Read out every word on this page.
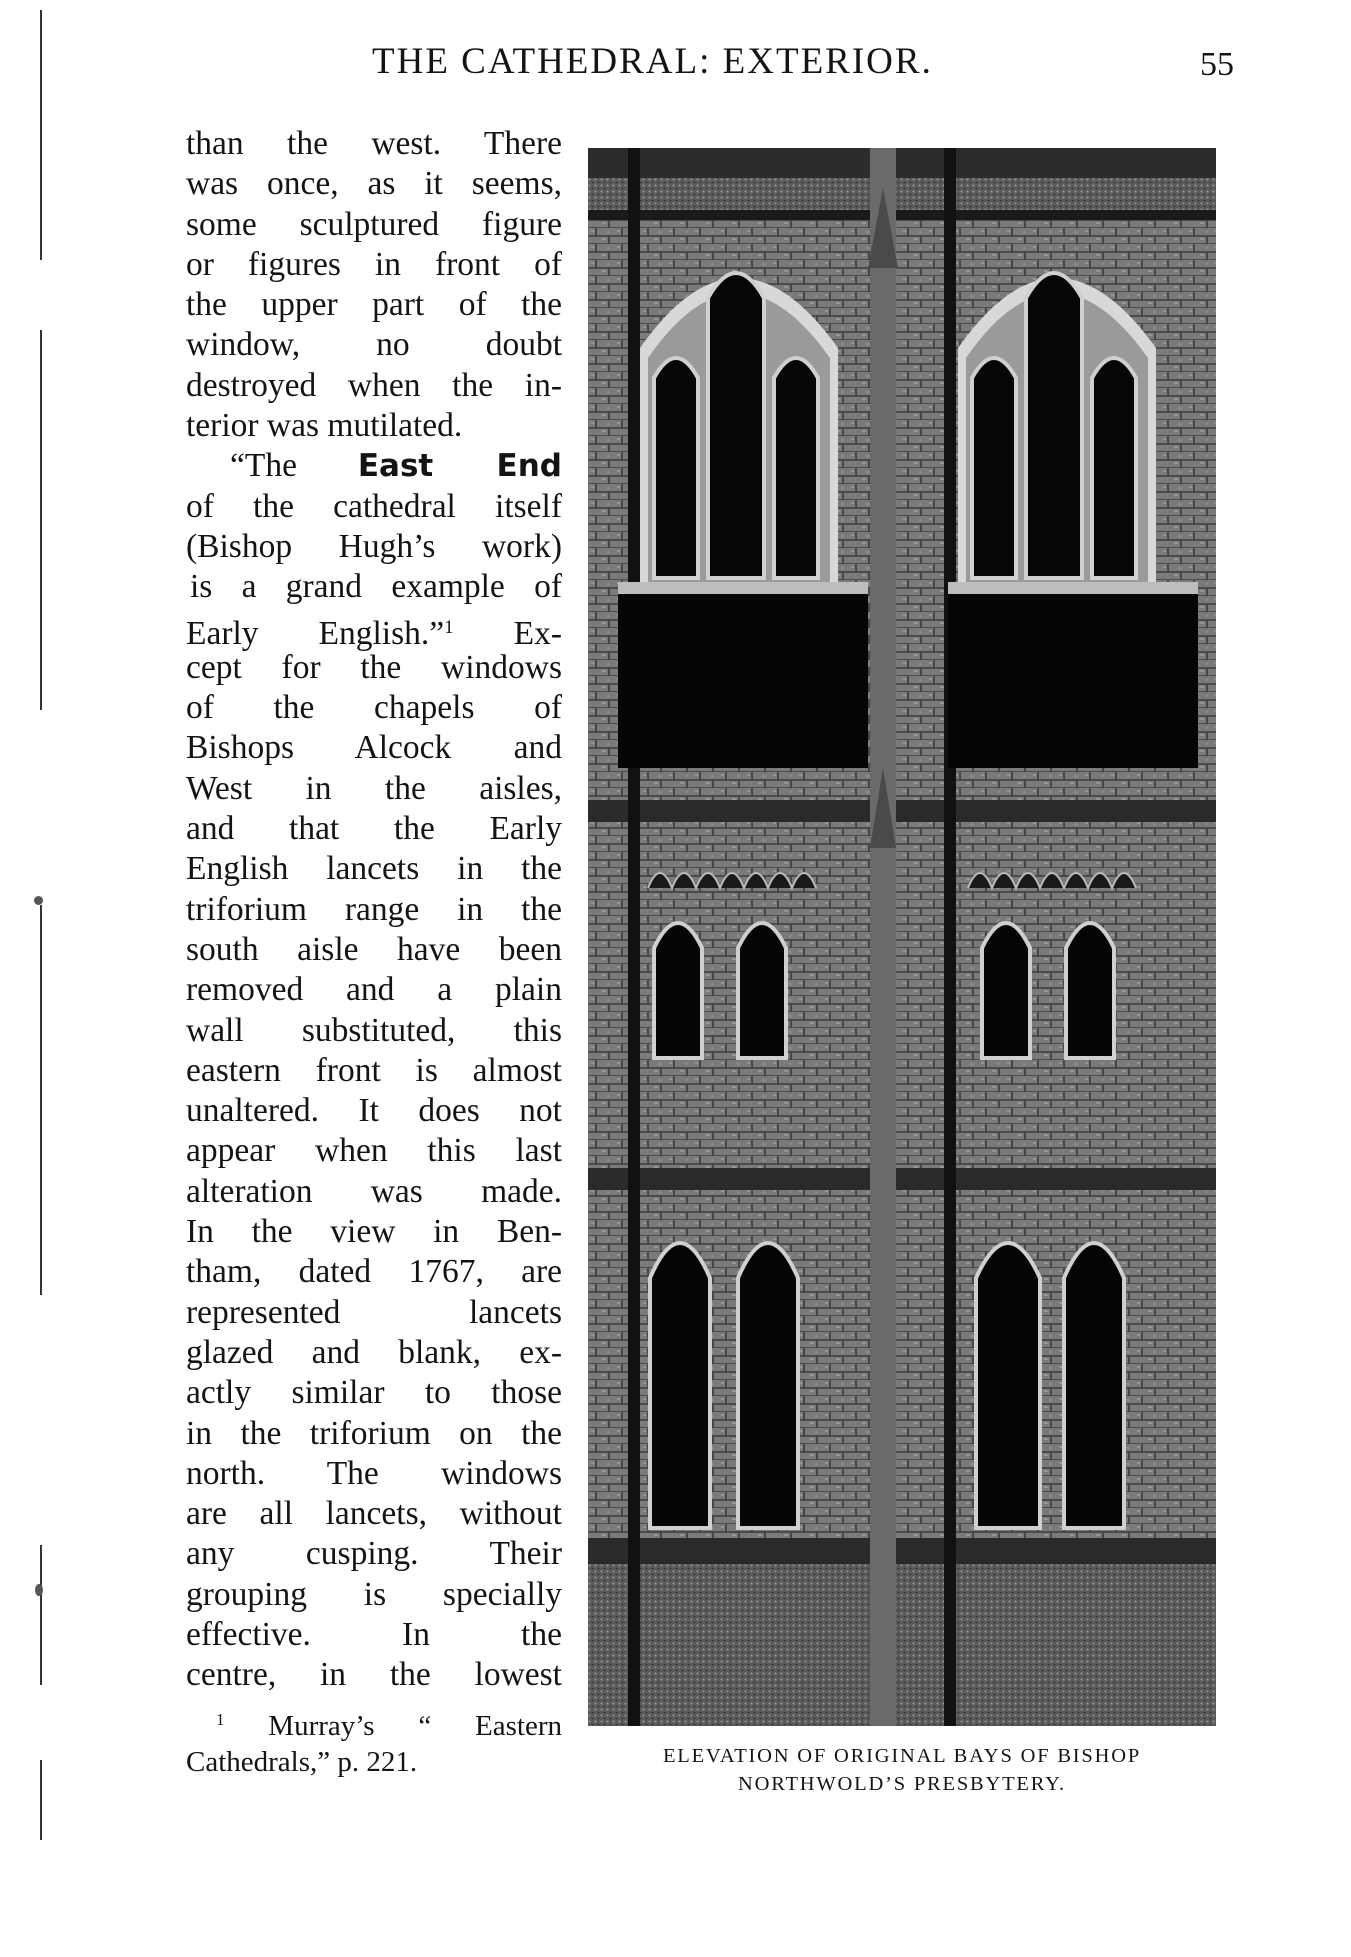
THE CATHEDRAL: EXTERIOR.	55
than the west. There
was once, as it seems,
some sculptured figure
or figures in front of
the upper part of the
window, no doubt
destroyed when the in-
terior was mutilated.
“The East End
of the cathedral itself
(Bishop Hugh’s work)
is a grand example of
Early English.”$^1$ Ex-
cept for the windows
of the chapels of
Bishops Alcock and
West in the aisles,
and that the Early
English lancets in the
triforium range in the
south aisle have been
removed and a plain
wall substituted, this
eastern front is almost
unaltered. It does not
appear when this last
alteration was made.
In the view in Ben-
tham, dated 1767, are
represented lancets
glazed and blank, ex-
actly similar to those
in the triforium on the
north. The windows
are all lancets, without
any cusping. Their
grouping is specially
effective. In the
centre, in the lowest
$^1$ Murray’s “ Eastern
Cathedrals,” p. 221.	ELEVATION OF ORIGINAL BAYS OF BISHOP
NORTHWOLD’S PRESBYTERY.
